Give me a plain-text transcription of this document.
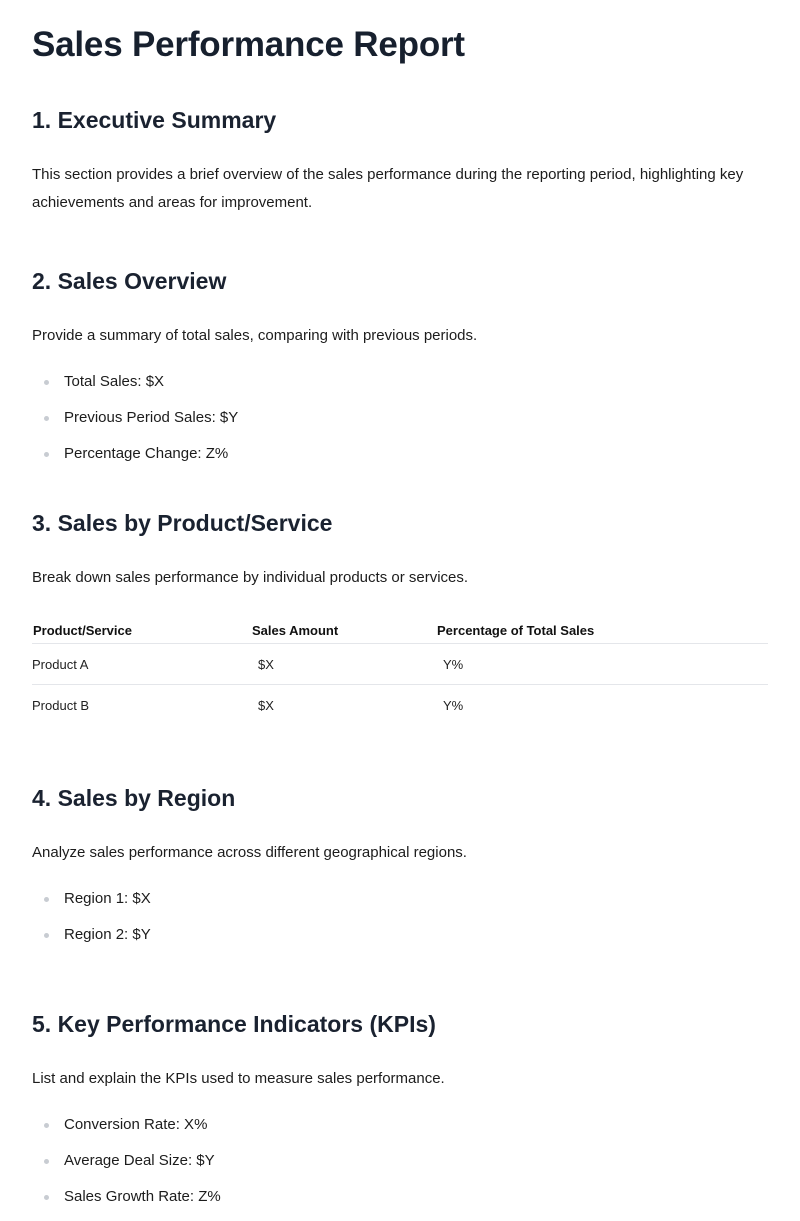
Sales Performance Report
1. Executive Summary

This section provides a brief overview of the sales performance during the reporting period, highlighting key achievements and areas for improvement.

2. Sales Overview

Provide a summary of total sales, comparing with previous periods.

Total Sales: $X
Previous Period Sales: $Y
Percentage Change: Z%
3. Sales by Product/Service

Break down sales performance by individual products or services.

Product/Service	Sales Amount	Percentage of Total Sales
Product A	$X	Y%
Product B	$X	Y%
4. Sales by Region

Analyze sales performance across different geographical regions.

Region 1: $X
Region 2: $Y
5. Key Performance Indicators (KPIs)

List and explain the KPIs used to measure sales performance.

Conversion Rate: X%
Average Deal Size: $Y
Sales Growth Rate: Z%
